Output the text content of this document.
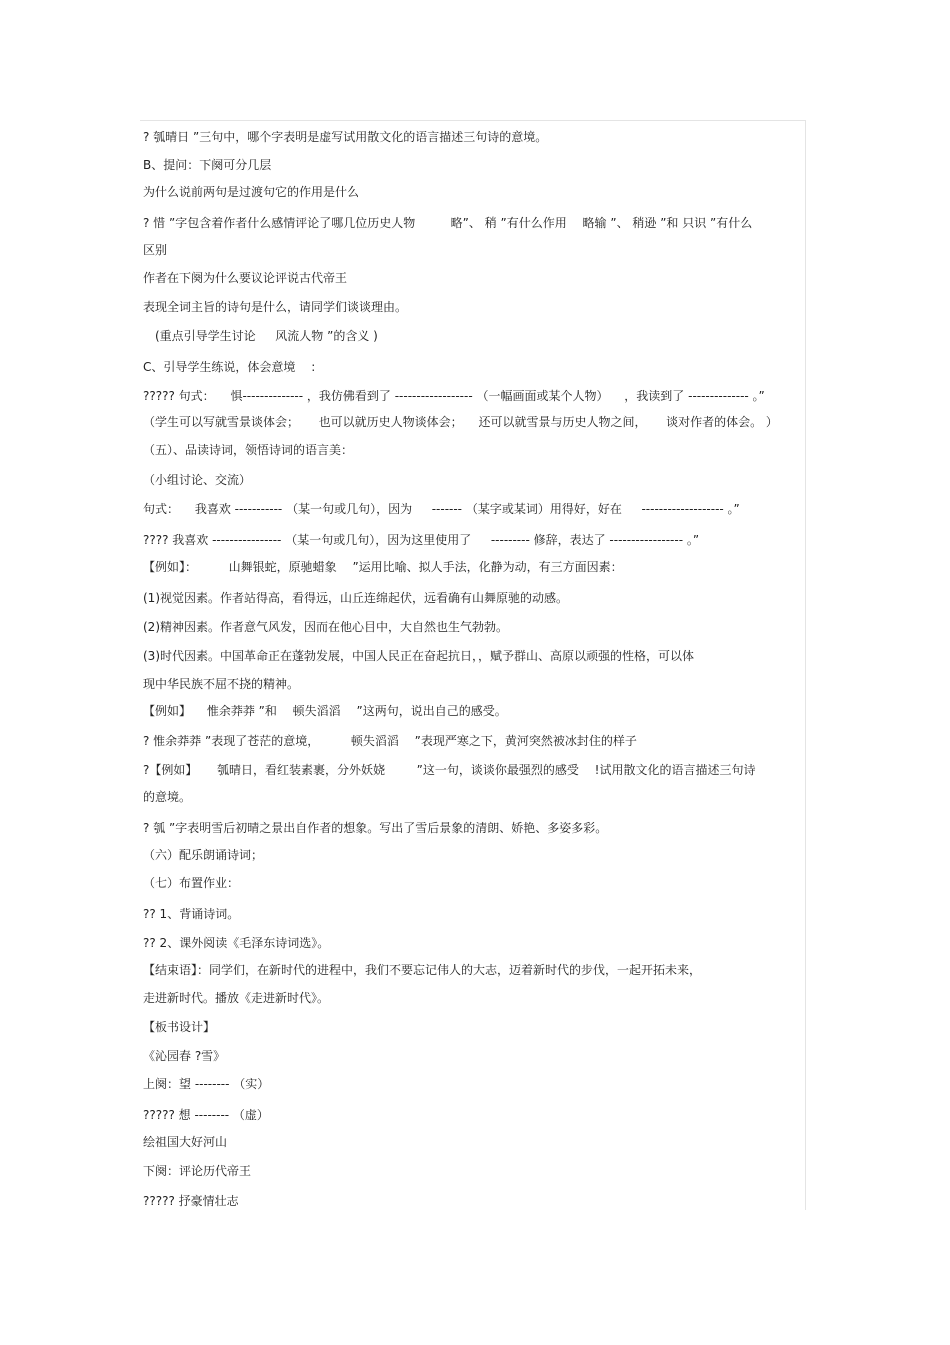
? 瓠晴日 ”三句中，哪个字表明是虚写试用散文化的语言描述三句诗的意境。
B、提问：下阕可分几层
为什么说前两句是过渡句它的作用是什么
? 惜 ”字包含着作者什么感情评论了哪几位历史人物 　 　 略”、 稍 ”有什么作用 　略输 ”、 稍逊 ”和 只识 ”有什么
区别
作者在下阕为什么要议论评说古代帝王
表现全词主旨的诗句是什么，请同学们谈谈理由。
　(重点引导学生讨论 　 风流人物 ”的含义 )
C、引导学生练说，体会意境 　:
????? 句式： 　惧-------------- ，我仿佛看到了 ------------------ （一幅画面或某个人物） 　，我读到了 -------------- 。”
（学生可以写就雪景谈体会； 　 也可以就历史人物谈体会； 　还可以就雪景与历史人物之间， 　 谈对作者的体会。 ）
（五）、品读诗词，领悟诗词的语言美：
（小组讨论、交流）
句式： 　我喜欢 ----------- （某一句或几句），因为 　 ------- （某字或某词）用得好，好在 　 ------------------- 。”
???? 我喜欢 ---------------- （某一句或几句），因为这里使用了 　 --------- 修辞，表达了 ----------------- 。”
【例如】： 　 　山舞银蛇，原驰蜡象 　”运用比喻、拟人手法，化静为动，有三方面因素：
(1)视觉因素。作者站得高，看得远，山丘连绵起伏，远看确有山舞原驰的动感。
(2)精神因素。作者意气风发，因而在他心目中，大自然也生气勃勃。
(3)时代因素。中国革命正在蓬勃发展，中国人民正在奋起抗日，，赋予群山、高原以顽强的性格，可以体
现中华民族不屈不挠的精神。
【例如】 　惟余莽莽 ”和 　顿失滔滔 　”这两句，说出自己的感受。
? 惟余莽莽 ”表现了苍茫的意境， 　 　顿失滔滔 　”表现严寒之下，黄河突然被冰封住的样子
?【例如】 　 瓠晴日，看红装素裹，分外妖娆 　 　”这一句，谈谈你最强烈的感受 　!试用散文化的语言描述三句诗
的意境。
? 瓠 ”字表明雪后初晴之景出自作者的想象。写出了雪后景象的清朗、娇艳、多姿多彩。
（六）配乐朗诵诗词；
（七）布置作业：
?? 1、背诵诗词。
?? 2、课外阅读《毛泽东诗词选》。
【结束语】：同学们，在新时代的进程中，我们不要忘记伟人的大志，迈着新时代的步伐，一起开拓未来，
走进新时代。播放《走进新时代》。
【板书设计】
《沁园春 ?雪》
上阕：望 -------- （实）
????? 想 -------- （虚）
绘祖国大好河山
下阕：评论历代帝王
????? 抒豪情壮志
